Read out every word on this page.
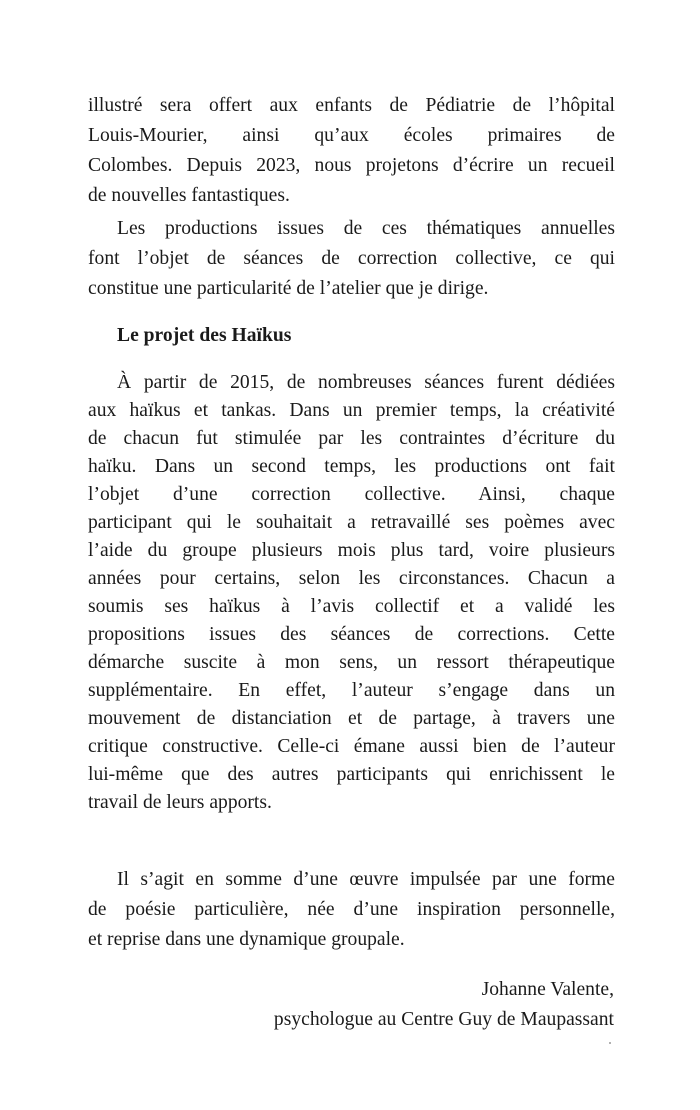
illustré sera offert aux enfants de Pédiatrie de l’hôpital
Louis-Mourier, ainsi qu’aux écoles primaires de
Colombes. Depuis 2023, nous projetons d’écrire un recueil
de nouvelles fantastiques.
Les productions issues de ces thématiques annuelles
font l’objet de séances de correction collective, ce qui
constitue une particularité de l’atelier que je dirige.
Le projet des Haïkus
À partir de 2015, de nombreuses séances furent dédiées
aux haïkus et tankas. Dans un premier temps, la créativité
de chacun fut stimulée par les contraintes d’écriture du
haïku. Dans un second temps, les productions ont fait
l’objet d’une correction collective. Ainsi, chaque
participant qui le souhaitait a retravaillé ses poèmes avec
l’aide du groupe plusieurs mois plus tard, voire plusieurs
années pour certains, selon les circonstances. Chacun a
soumis ses haïkus à l’avis collectif et a validé les
propositions issues des séances de corrections. Cette
démarche suscite à mon sens, un ressort thérapeutique
supplémentaire. En effet, l’auteur s’engage dans un
mouvement de distanciation et de partage, à travers une
critique constructive. Celle-ci émane aussi bien de l’auteur
lui-même que des autres participants qui enrichissent le
travail de leurs apports.
Il s’agit en somme d’une œuvre impulsée par une forme
de poésie particulière, née d’une inspiration personnelle,
et reprise dans une dynamique groupale.
Johanne Valente,
psychologue au Centre Guy de Maupassant
